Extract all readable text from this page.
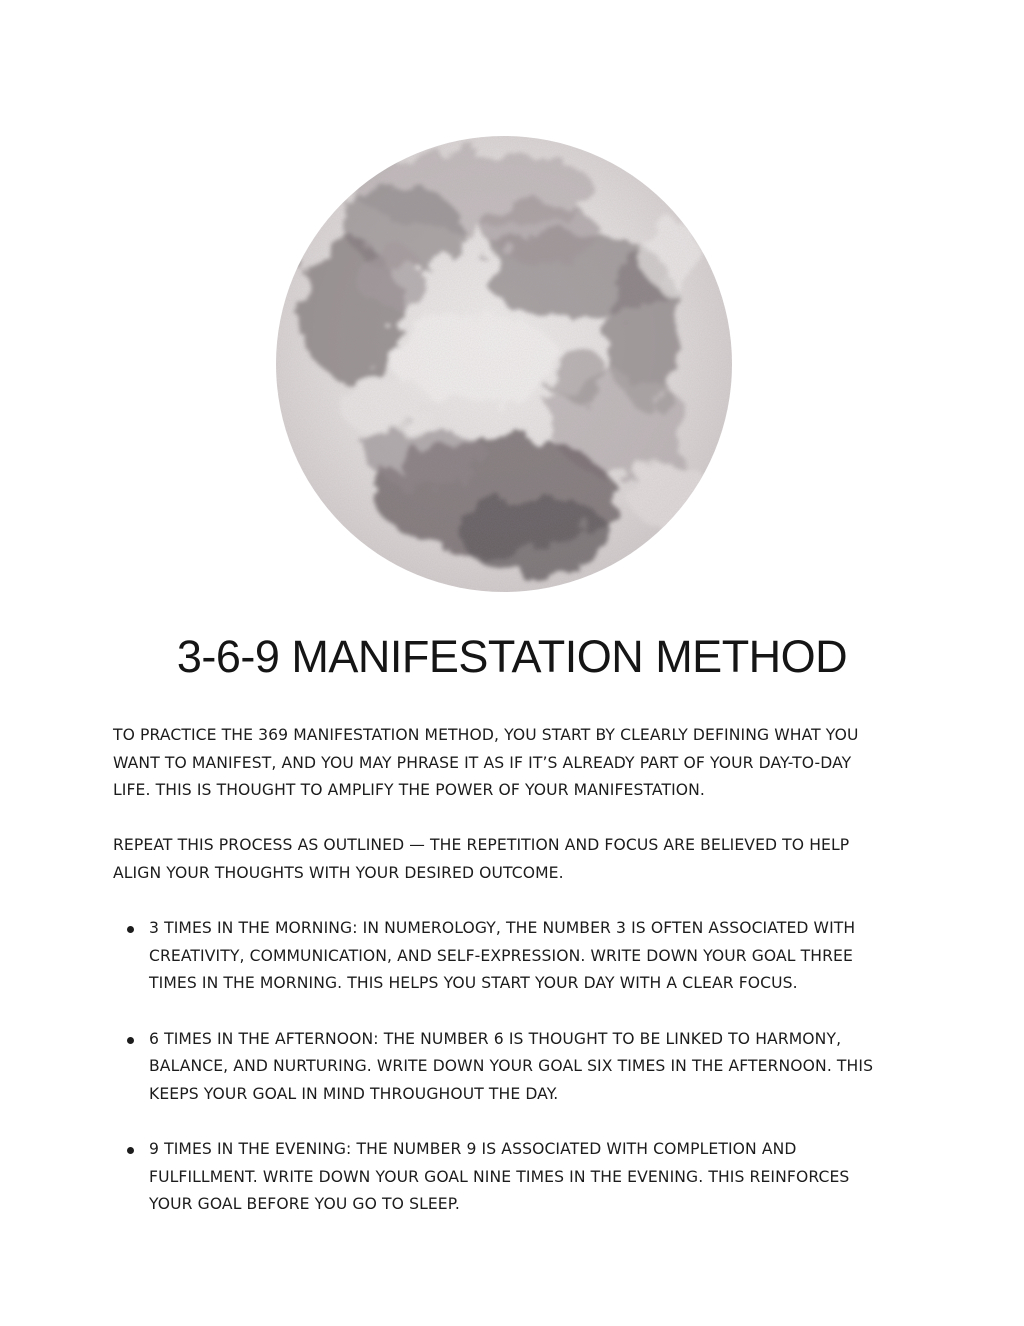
3-6-9 MANIFESTATION METHOD

TO PRACTICE THE 369 MANIFESTATION METHOD, YOU START BY CLEARLY DEFINING WHAT YOU WANT TO MANIFEST, AND YOU MAY PHRASE IT AS IF IT’S ALREADY PART OF YOUR DAY-TO-DAY LIFE. THIS IS THOUGHT TO AMPLIFY THE POWER OF YOUR MANIFESTATION.

REPEAT THIS PROCESS AS OUTLINED — THE REPETITION AND FOCUS ARE BELIEVED TO HELP ALIGN YOUR THOUGHTS WITH YOUR DESIRED OUTCOME.

3 TIMES IN THE MORNING: IN NUMEROLOGY, THE NUMBER 3 IS OFTEN ASSOCIATED WITH CREATIVITY, COMMUNICATION, AND SELF-EXPRESSION. WRITE DOWN YOUR GOAL THREE TIMES IN THE MORNING. THIS HELPS YOU START YOUR DAY WITH A CLEAR FOCUS.
6 TIMES IN THE AFTERNOON: THE NUMBER 6 IS THOUGHT TO BE LINKED TO HARMONY, BALANCE, AND NURTURING. WRITE DOWN YOUR GOAL SIX TIMES IN THE AFTERNOON. THIS KEEPS YOUR GOAL IN MIND THROUGHOUT THE DAY.
9 TIMES IN THE EVENING: THE NUMBER 9 IS ASSOCIATED WITH COMPLETION AND FULFILLMENT. WRITE DOWN YOUR GOAL NINE TIMES IN THE EVENING. THIS REINFORCES YOUR GOAL BEFORE YOU GO TO SLEEP.
